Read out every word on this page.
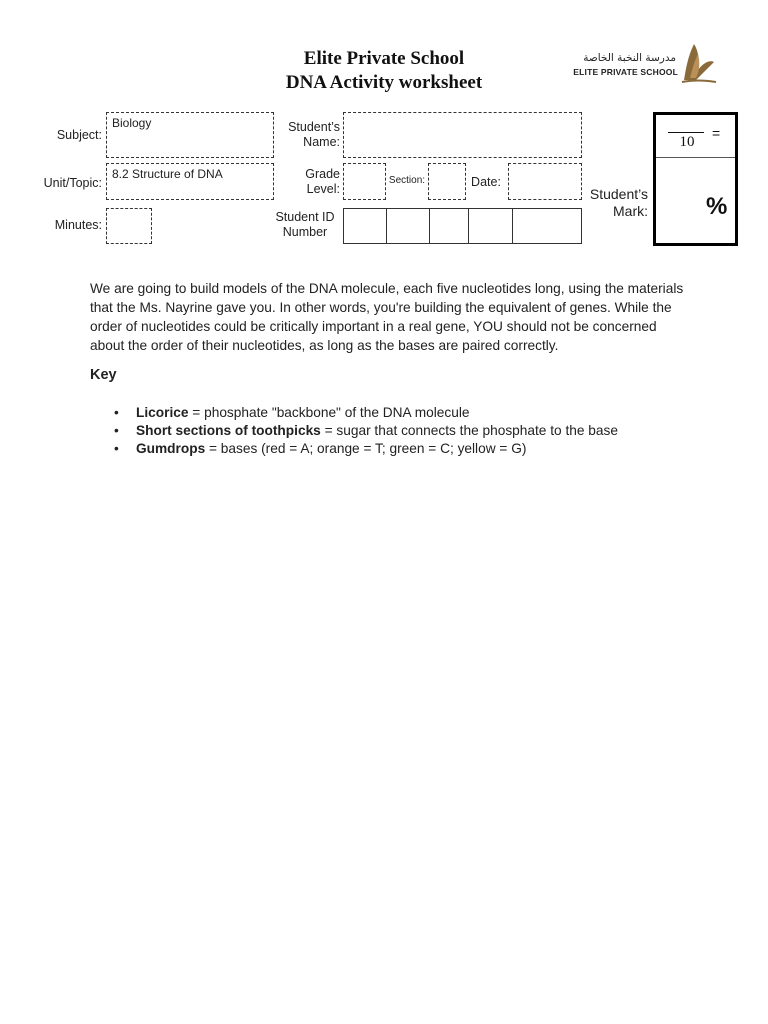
Elite Private School
DNA Activity worksheet
مدرسة النخبة الخاصة
ELITE PRIVATE SCHOOL
Subject:
Biology
Unit/Topic:
8.2 Structure of DNA
Minutes:
Student’s
Name:
Grade
Level:
Section:	Date:
Student ID
Number
Student’s
Mark:
10
=
%
We are going to build models of the DNA molecule, each five nucleotides long, using the materials that the Ms. Nayrine gave you. In other words, you're building the equivalent of genes. While the order of nucleotides could be critically important in a real gene, YOU should not be concerned about the order of their nucleotides, as long as the bases are paired correctly.
Key
• Licorice = phosphate "backbone" of the DNA molecule
• Short sections of toothpicks = sugar that connects the phosphate to the base
• Gumdrops = bases (red = A; orange = T; green = C; yellow = G)
